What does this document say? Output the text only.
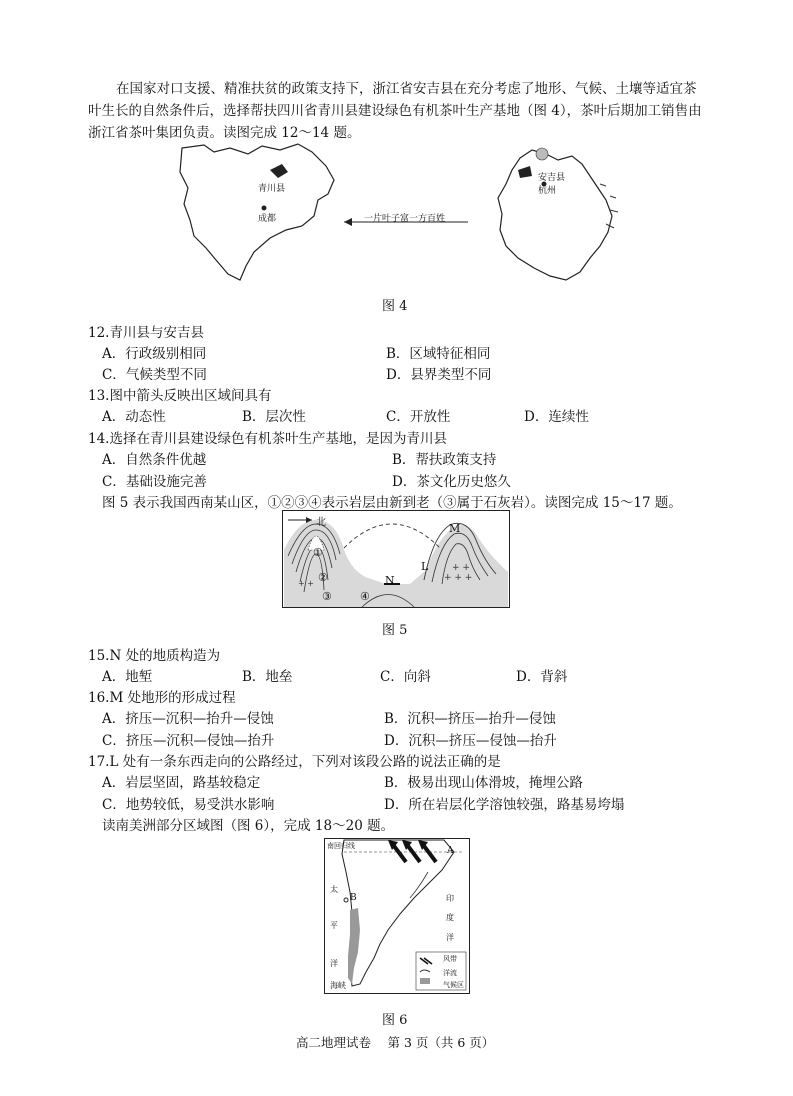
在国家对口支援、精准扶贫的政策支持下，浙江省安吉县在充分考虑了地形、气候、土壤等适宜茶叶生长的自然条件后，选择帮扶四川省青川县建设绿色有机茶叶生产基地（图 4），茶叶后期加工销售由浙江省茶叶集团负责。读图完成 12～14 题。
青川县
成都	一片叶子富一方百姓
安吉县
杭州
图 4
12.青川县与安吉县
A．行政级别相同	B．区域特征相同
C．气候类型不同	D．县界类型不同
13.图中箭头反映出区域间具有
A．动态性	B．层次性	C．开放性	D．连续性
14.选择在青川县建设绿色有机茶叶生产基地，是因为青川县
A．自然条件优越	B．帮扶政策支持
C．基础设施完善	D．茶文化历史悠久
图 5 表示我国西南某山区，①②③④表示岩层由新到老（③属于石灰岩）。读图完成 15～17 题。
+ +
+ + +
+ +
北	M
N
L
①
②
③	④
图 5
15.N 处的地质构造为
A．地堑	B．地垒	C．向斜	D．背斜
16.M 处地形的形成过程
A．挤压—沉积—抬升—侵蚀	B．沉积—挤压—抬升—侵蚀
C．挤压—沉积—侵蚀—抬升	D．沉积—挤压—侵蚀—抬升
17.L 处有一条东西走向的公路经过，下列对该段公路的说法正确的是
A．岩层坚固，路基较稳定	B．极易出现山体滑坡，掩埋公路
C．地势较低，易受洪水影响	D．所在岩层化学溶蚀较强，路基易垮塌
读南美洲部分区域图（图 6），完成 18～20 题。
南回归线	A
B
太
平
洋
印
度
洋
海峡
风带
洋流
气候区
图 6
高二地理试卷　 第 3 页（共 6 页）
